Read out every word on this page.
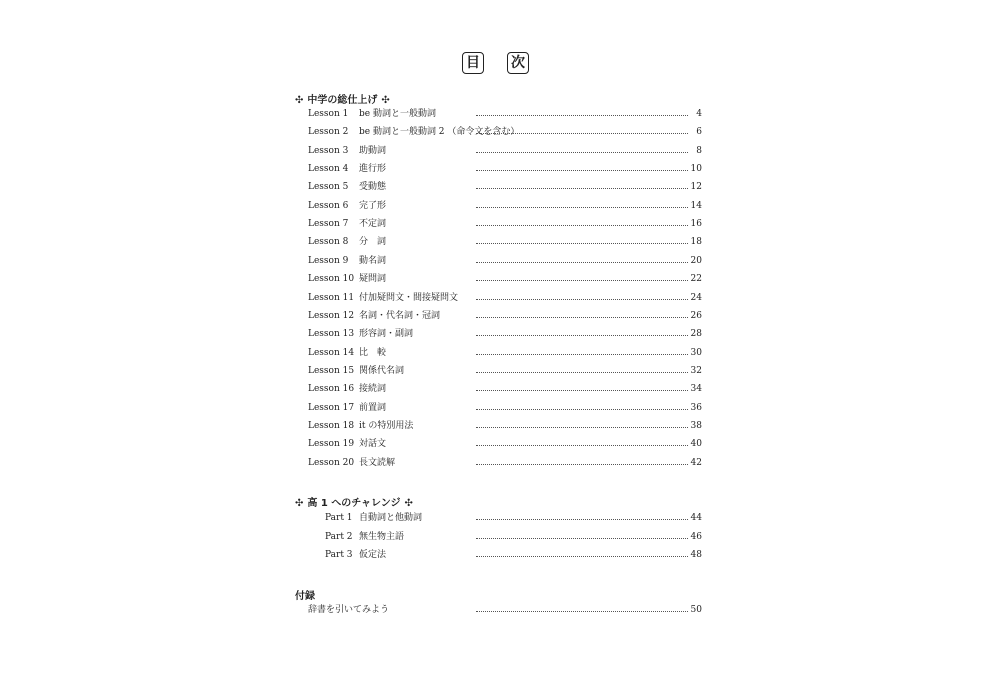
目 次
✣ 中学の総仕上げ ✣
Lesson 1 be 動詞と一般動詞	4
Lesson 2 be 動詞と一般動詞 2 （命令文を含む）	6
Lesson 3 助動詞	8
Lesson 4 進行形	10
Lesson 5 受動態	12
Lesson 6 完了形	14
Lesson 7 不定詞	16
Lesson 8 分　詞	18
Lesson 9 動名詞	20
Lesson 10 疑問詞	22
Lesson 11 付加疑問文・間接疑問文	24
Lesson 12 名詞・代名詞・冠詞	26
Lesson 13 形容詞・副詞	28
Lesson 14 比　較	30
Lesson 15 関係代名詞	32
Lesson 16 接続詞	34
Lesson 17 前置詞	36
Lesson 18 it の特別用法	38
Lesson 19 対話文	40
Lesson 20 長文読解	42
✣ 高 1 へのチャレンジ ✣
Part 1 自動詞と他動詞	44
Part 2 無生物主語	46
Part 3 仮定法	48
付録
辞書を引いてみよう	50
